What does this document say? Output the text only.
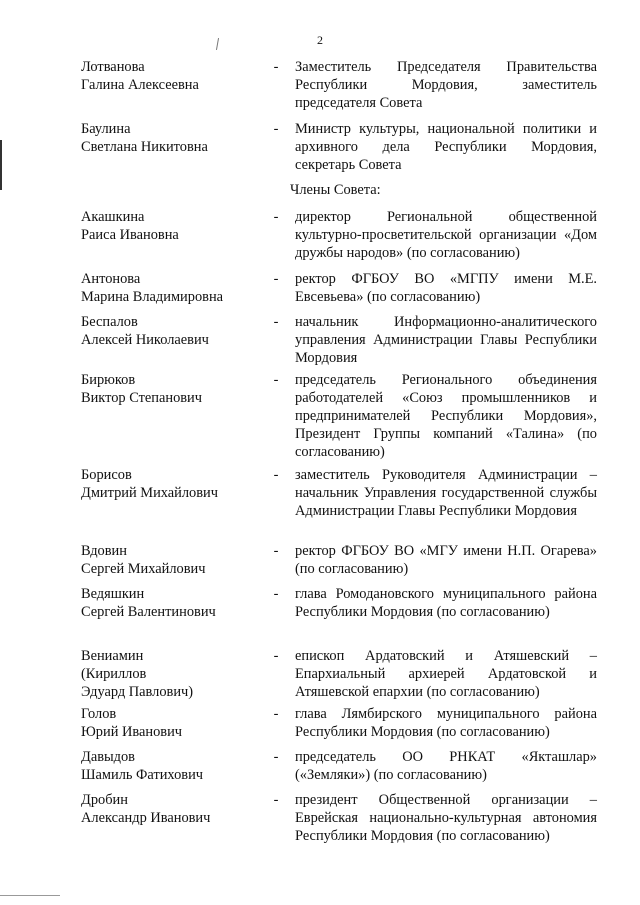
2
Члены Совета:
Лотванова
Галина Алексеевна
- Заместитель Председателя Правительства Республики Мордовия, заместитель председателя Совета
Баулина
Светлана Никитовна
- Министр культуры, национальной политики и архивного дела Республики Мордовия, секретарь Совета
Акашкина
Раиса Ивановна
- директор Региональной общественной культурно-просветительской организации «Дом дружбы народов» (по согласованию)
Антонова
Марина Владимировна
- ректор ФГБОУ ВО «МГПУ имени М.Е. Евсевьева» (по согласованию)
Беспалов
Алексей Николаевич
- начальник Информационно-аналитического управления Администрации Главы Республики Мордовия
Бирюков
Виктор Степанович
- председатель Регионального объединения работодателей «Союз промышленников и предпринимателей Республики Мордовия», Президент Группы компаний «Талина» (по согласованию)
Борисов
Дмитрий Михайлович
- заместитель Руководителя Администрации – начальник Управления государственной службы Администрации Главы Республики Мордовия
Вдовин
Сергей Михайлович
- ректор ФГБОУ ВО «МГУ имени Н.П. Огарева» (по согласованию)
Ведяшкин
Сергей Валентинович
- глава Ромодановского муниципального района Республики Мордовия (по согласованию)
Вениамин
(Кириллов
Эдуард Павлович)
- епископ Ардатовский и Атяшевский – Епархиальный архиерей Ардатовской и Атяшевской епархии (по согласованию)
Голов
Юрий Иванович
- глава Лямбирского муниципального района Республики Мордовия (по согласованию)
Давыдов
Шамиль Фатихович
- председатель ОО РНКАТ «Якташлар» («Земляки») (по согласованию)
Дробин
Александр Иванович
- президент Общественной организации – Еврейская национально-культурная автономия Республики Мордовия (по согласованию)
